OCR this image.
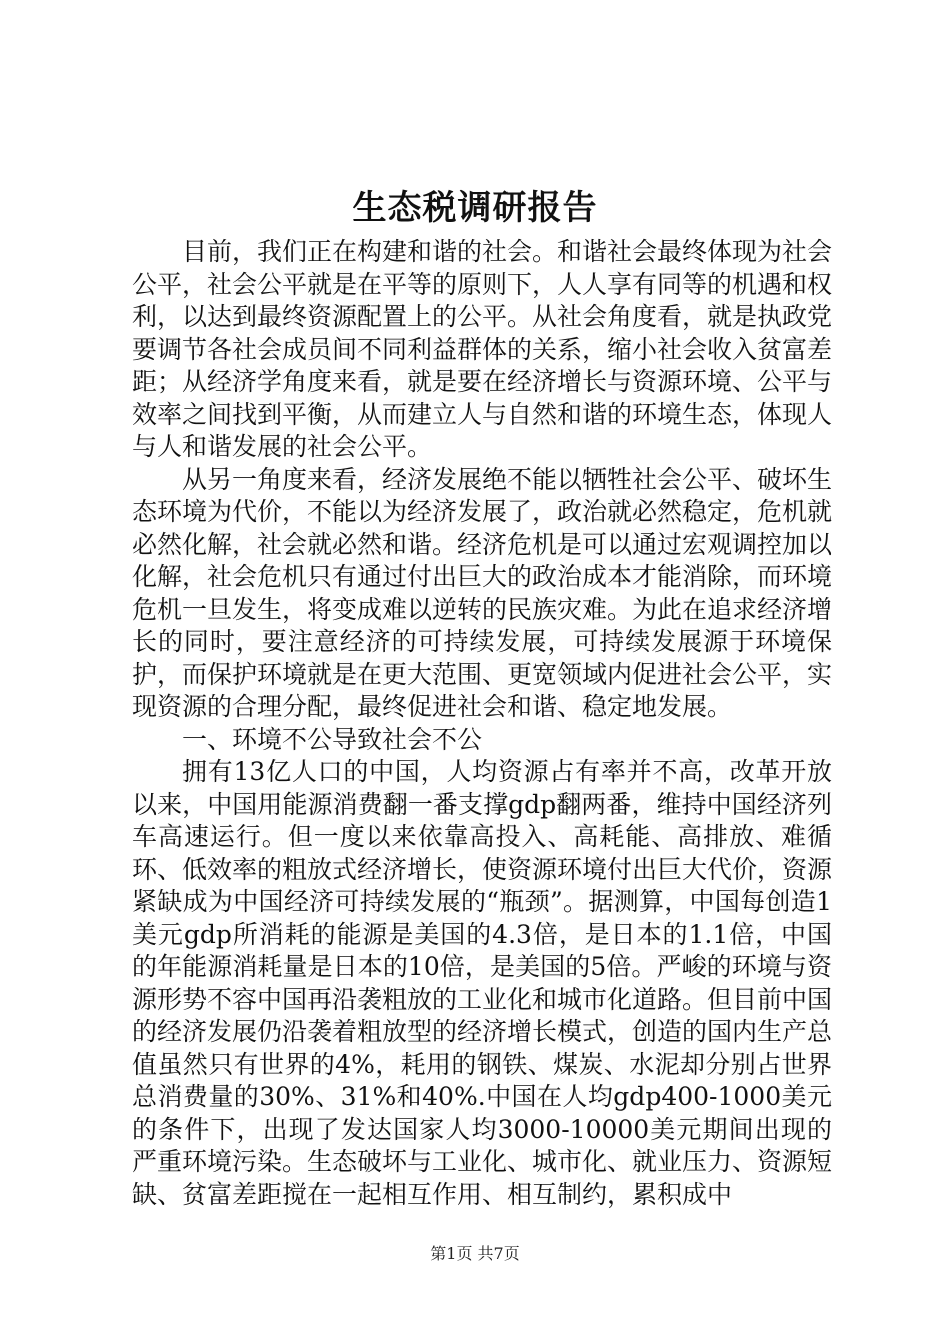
生态税调研报告

目前，我们正在构建和谐的社会。和谐社会最终体现为社会公平，社会公平就是在平等的原则下，人人享有同等的机遇和权利，以达到最终资源配置上的公平。从社会角度看，就是执政党要调节各社会成员间不同利益群体的关系，缩小社会收入贫富差距；从经济学角度来看，就是要在经济增长与资源环境、公平与效率之间找到平衡，从而建立人与自然和谐的环境生态，体现人与人和谐发展的社会公平。

从另一角度来看，经济发展绝不能以牺牲社会公平、破坏生态环境为代价，不能以为经济发展了，政治就必然稳定，危机就必然化解，社会就必然和谐。经济危机是可以通过宏观调控加以化解，社会危机只有通过付出巨大的政治成本才能消除，而环境危机一旦发生，将变成难以逆转的民族灾难。为此在追求经济增长的同时，要注意经济的可持续发展，可持续发展源于环境保护，而保护环境就是在更大范围、更宽领域内促进社会公平，实现资源的合理分配，最终促进社会和谐、稳定地发展。

一、环境不公导致社会不公

拥有13亿人口的中国，人均资源占有率并不高，改革开放以来，中国用能源消费翻一番支撑gdp翻两番，维持中国经济列车高速运行。但一度以来依靠高投入、高耗能、高排放、难循环、低效率的粗放式经济增长，使资源环境付出巨大代价，资源紧缺成为中国经济可持续发展的“瓶颈”。据测算，中国每创造1美元gdp所消耗的能源是美国的4.3倍，是日本的1.1倍，中国的年能源消耗量是日本的10倍，是美国的5倍。严峻的环境与资源形势不容中国再沿袭粗放的工业化和城市化道路。但目前中国的经济发展仍沿袭着粗放型的经济增长模式，创造的国内生产总值虽然只有世界的4%，耗用的钢铁、煤炭、水泥却分别占世界总消费量的30%、31%和40%.中国在人均gdp400-1000美元的条件下，出现了发达国家人均3000-10000美元期间出现的严重环境污染。生态破坏与工业化、城市化、就业压力、资源短缺、贫富差距搅在一起相互作用、相互制约，累积成中

第1页 共7页
